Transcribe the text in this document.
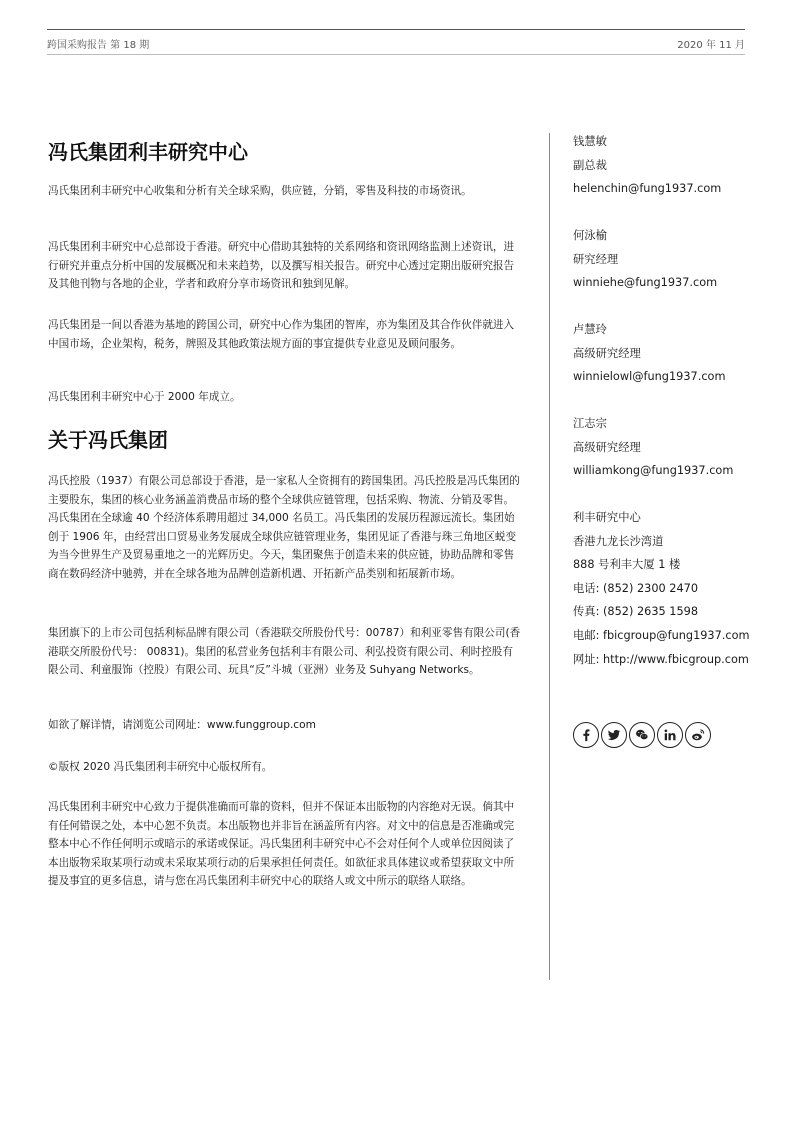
跨国采购报告 第 18 期	2020 年 11 月
冯氏集团利丰研究中心

冯氏集团利丰研究中心收集和分析有关全球采购，供应链，分销，零售及科技的市场资讯。

冯氏集团利丰研究中心总部设于香港。研究中心借助其独特的关系网络和资讯网络监测上述资讯，进行研究并重点分析中国的发展概况和未来趋势，以及撰写相关报告。研究中心透过定期出版研究报告及其他刊物与各地的企业，学者和政府分享市场资讯和独到见解。

冯氏集团是一间以香港为基地的跨国公司，研究中心作为集团的智库，亦为集团及其合作伙伴就进入中国市场，企业架构，税务，牌照及其他政策法规方面的事宜提供专业意见及顾问服务。

冯氏集团利丰研究中心于 2000 年成立。

关于冯氏集团

冯氏控股（1937）有限公司总部设于香港，是一家私人全资拥有的跨国集团。冯氏控股是冯氏集团的主要股东，集团的核心业务涵盖消费品市场的整个全球供应链管理，包括采购、物流、分销及零售。冯氏集团在全球逾 40 个经济体系聘用超过 34,000 名员工。冯氏集团的发展历程源远流长。集团始创于 1906 年，由经营出口贸易业务发展成全球供应链管理业务，集团见证了香港与珠三角地区蜕变为当今世界生产及贸易重地之一的光辉历史。今天，集团聚焦于创造未来的供应链，协助品牌和零售商在数码经济中驰骋，并在全球各地为品牌创造新机遇、开拓新产品类别和拓展新市场。

集团旗下的上市公司包括利标品牌有限公司（香港联交所股份代号：00787）和利亚零售有限公司(香港联交所股份代号： 00831)。集团的私营业务包括利丰有限公司、利弘投资有限公司、利时控股有限公司、利童服饰（控股）有限公司、玩具“反”斗城（亚洲）业务及 Suhyang Networks。

如欲了解详情，请浏览公司网址：www.funggroup.com

©版权 2020 冯氏集团利丰研究中心版权所有。

冯氏集团利丰研究中心致力于提供准确而可靠的资料，但并不保证本出版物的内容绝对无误。倘其中有任何错误之处，本中心恕不负责。本出版物也并非旨在涵盖所有内容。对文中的信息是否准确或完整本中心不作任何明示或暗示的承诺或保证。冯氏集团利丰研究中心不会对任何个人或单位因阅读了本出版物采取某项行动或未采取某项行动的后果承担任何责任。如欲征求具体建议或希望获取文中所提及事宜的更多信息，请与您在冯氏集团利丰研究中心的联络人或文中所示的联络人联络。

钱慧敏
副总裁
helenchin@fung1937.com
何泳榆
研究经理
winniehe@fung1937.com
卢慧玲
高级研究经理
winnielowl@fung1937.com
江志宗
高级研究经理
williamkong@fung1937.com
利丰研究中心
香港九龙长沙湾道
888 号利丰大厦 1 楼
电话: (852) 2300 2470
传真: (852) 2635 1598
电邮: fbicgroup@fung1937.com
网址: http://www.fbicgroup.com
